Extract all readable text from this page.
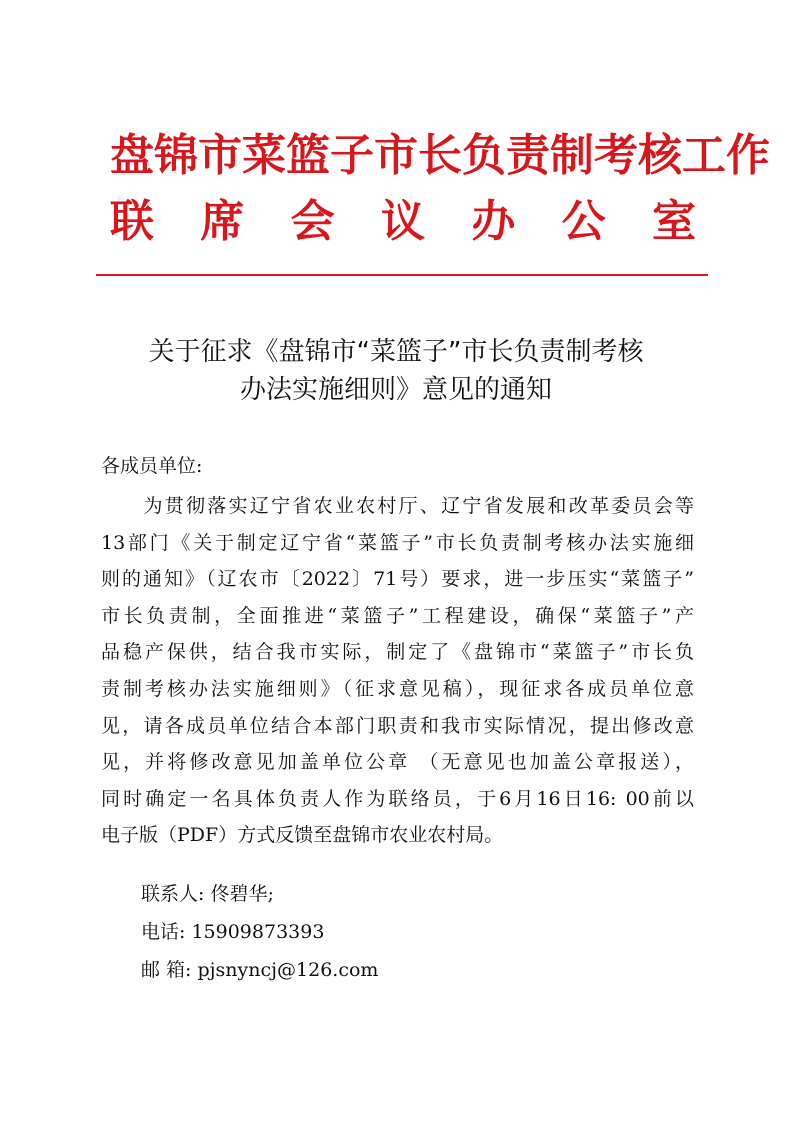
盘锦市菜篮子市长负责制考核工作
联 席 会 议 办 公 室
关于征求《盘锦市“菜篮子”市长负责制考核
办法实施细则》意见的通知
各成员单位:
　　为贯彻落实辽宁省农业农村厅、辽宁省发展和改革委员会等
13部门《关于制定辽宁省“菜篮子”市长负责制考核办法实施细
则的通知》（辽农市〔2022〕71号）要求，进一步压实“菜篮子”
市长负责制，全面推进“菜篮子”工程建设，确保“菜篮子”产
品稳产保供，结合我市实际，制定了《盘锦市“菜篮子”市长负
责制考核办法实施细则》（征求意见稿），现征求各成员单位意
见，请各成员单位结合本部门职责和我市实际情况，提出修改意
见，并将修改意见加盖单位公章 （无意见也加盖公章报送），
同时确定一名具体负责人作为联络员，于6月16日16: 00前以
电子版（PDF）方式反馈至盘锦市农业农村局。
联系人: 佟碧华;
电话: 15909873393
邮 箱: pjsnyncj@126.com
